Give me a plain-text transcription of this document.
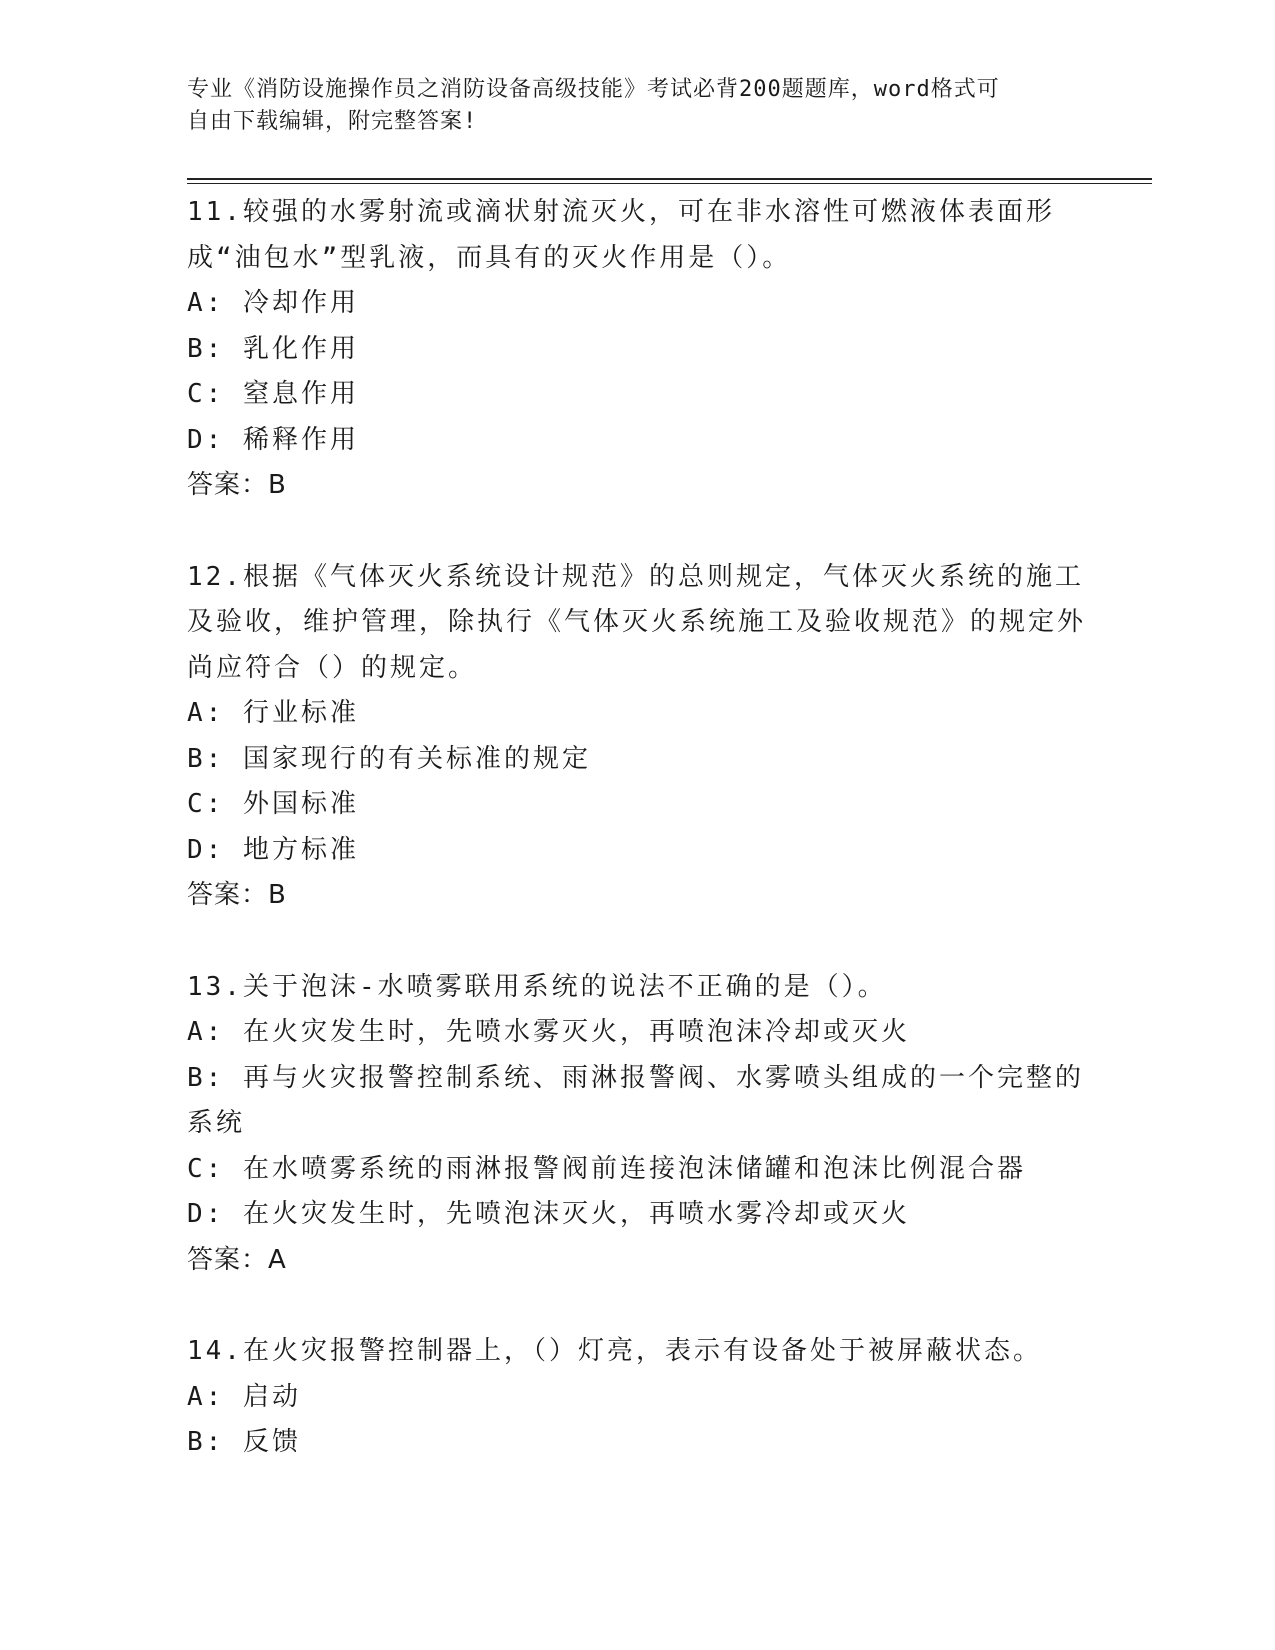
专业《消防设施操作员之消防设备高级技能》考试必背200题题库，word格式可
自由下载编辑，附完整答案!

11.较强的水雾射流或滴状射流灭火，可在非水溶性可燃液体表面形成“油包水”型乳液，而具有的灭火作用是（）。

A: 冷却作用

B: 乳化作用

C: 窒息作用

D: 稀释作用

答案：B

12.根据《气体灭火系统设计规范》的总则规定，气体灭火系统的施工及验收，维护管理，除执行《气体灭火系统施工及验收规范》的规定外尚应符合（）的规定。

A: 行业标准

B: 国家现行的有关标准的规定

C: 外国标准

D: 地方标准

答案：B

13.关于泡沫-水喷雾联用系统的说法不正确的是（）。

A: 在火灾发生时，先喷水雾灭火，再喷泡沫冷却或灭火

B: 再与火灾报警控制系统、雨淋报警阀、水雾喷头组成的一个完整的系统

C: 在水喷雾系统的雨淋报警阀前连接泡沫储罐和泡沫比例混合器

D: 在火灾发生时，先喷泡沫灭火，再喷水雾冷却或灭火

答案：A

14.在火灾报警控制器上，（）灯亮，表示有设备处于被屏蔽状态。

A: 启动

B: 反馈
